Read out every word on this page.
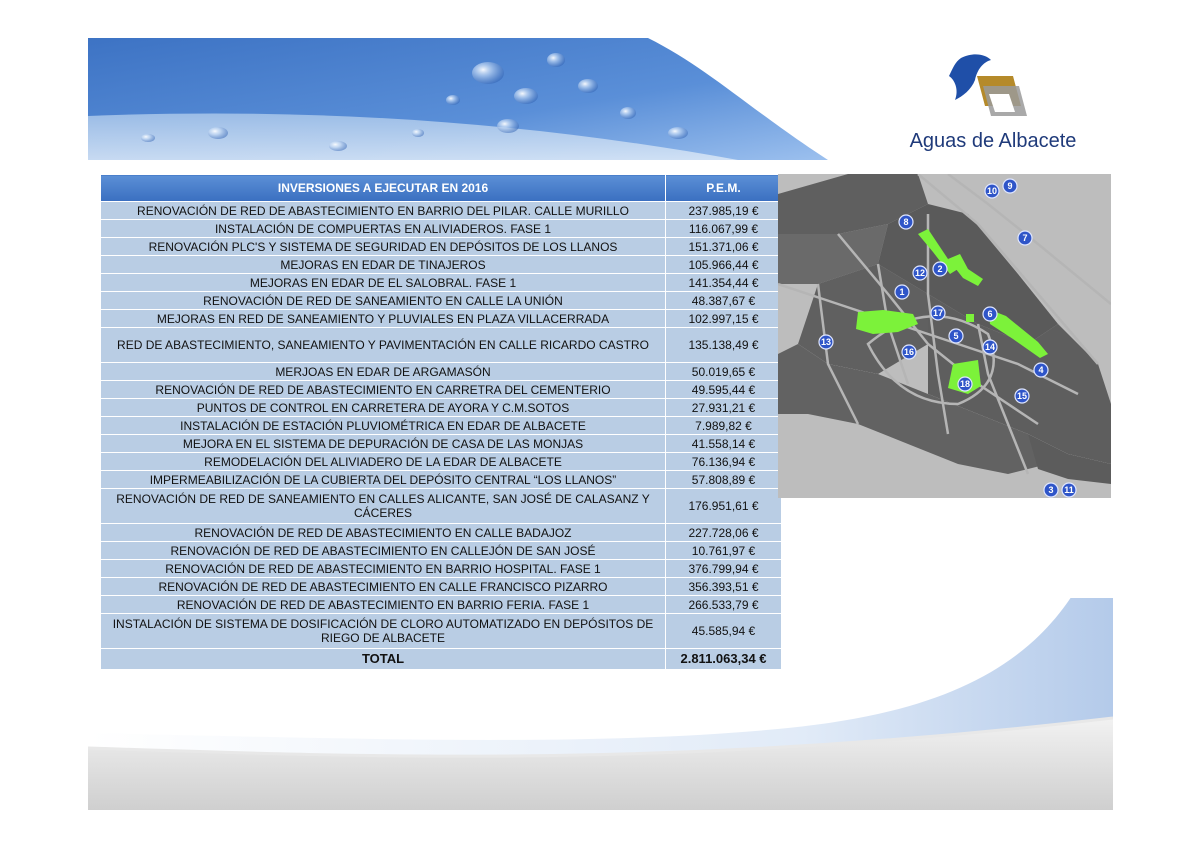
Aguas de Albacete
INVERSIONES A EJECUTAR EN 2016	P.E.M.
RENOVACIÓN DE RED DE ABASTECIMIENTO EN BARRIO DEL PILAR. CALLE MURILLO	237.985,19 €
INSTALACIÓN DE COMPUERTAS EN ALIVIADEROS. FASE 1	116.067,99 €
RENOVACIÓN PLC'S Y SISTEMA DE SEGURIDAD EN DEPÓSITOS DE LOS LLANOS	151.371,06 €
MEJORAS EN EDAR DE TINAJEROS	105.966,44 €
MEJORAS EN EDAR DE EL SALOBRAL. FASE 1	141.354,44 €
RENOVACIÓN DE RED DE SANEAMIENTO EN CALLE LA UNIÓN	48.387,67 €
MEJORAS EN RED DE SANEAMIENTO Y PLUVIALES EN PLAZA VILLACERRADA	102.997,15 €
RED DE ABASTECIMIENTO, SANEAMIENTO Y PAVIMENTACIÓN EN CALLE RICARDO CASTRO	135.138,49 €
MERJOAS EN EDAR DE ARGAMASÓN	50.019,65 €
RENOVACIÓN DE RED DE ABASTECIMIENTO EN CARRETRA DEL CEMENTERIO	49.595,44 €
PUNTOS DE CONTROL EN CARRETERA DE AYORA Y C.M.SOTOS	27.931,21 €
INSTALACIÓN DE ESTACIÓN PLUVIOMÉTRICA EN EDAR DE ALBACETE	7.989,82 €
MEJORA EN EL SISTEMA DE DEPURACIÓN DE CASA DE LAS MONJAS	41.558,14 €
REMODELACIÓN DEL ALIVIADERO DE LA EDAR DE ALBACETE	76.136,94 €
IMPERMEABILIZACIÓN DE LA CUBIERTA DEL DEPÓSITO CENTRAL “LOS LLANOS”	57.808,89 €
RENOVACIÓN DE RED DE SANEAMIENTO EN CALLES ALICANTE, SAN JOSÉ DE CALASANZ Y CÁCERES	176.951,61 €
RENOVACIÓN DE RED DE ABASTECIMIENTO EN CALLE BADAJOZ	227.728,06 €
RENOVACIÓN DE RED DE ABASTECIMIENTO EN CALLEJÓN DE SAN JOSÉ	10.761,97 €
RENOVACIÓN DE RED DE ABASTECIMIENTO EN BARRIO HOSPITAL. FASE 1	376.799,94 €
RENOVACIÓN DE RED DE ABASTECIMIENTO EN CALLE FRANCISCO PIZARRO	356.393,51 €
RENOVACIÓN DE RED DE ABASTECIMIENTO EN BARRIO FERIA. FASE 1	266.533,79 €
INSTALACIÓN DE SISTEMA DE DOSIFICACIÓN DE CLORO AUTOMATIZADO EN DEPÓSITOS DE RIEGO DE ALBACETE	45.585,94 €
TOTAL	2.811.063,34 €
10 9
8
7
12 2
1
17	6
5
13
16	14
4
18
15
3 11
